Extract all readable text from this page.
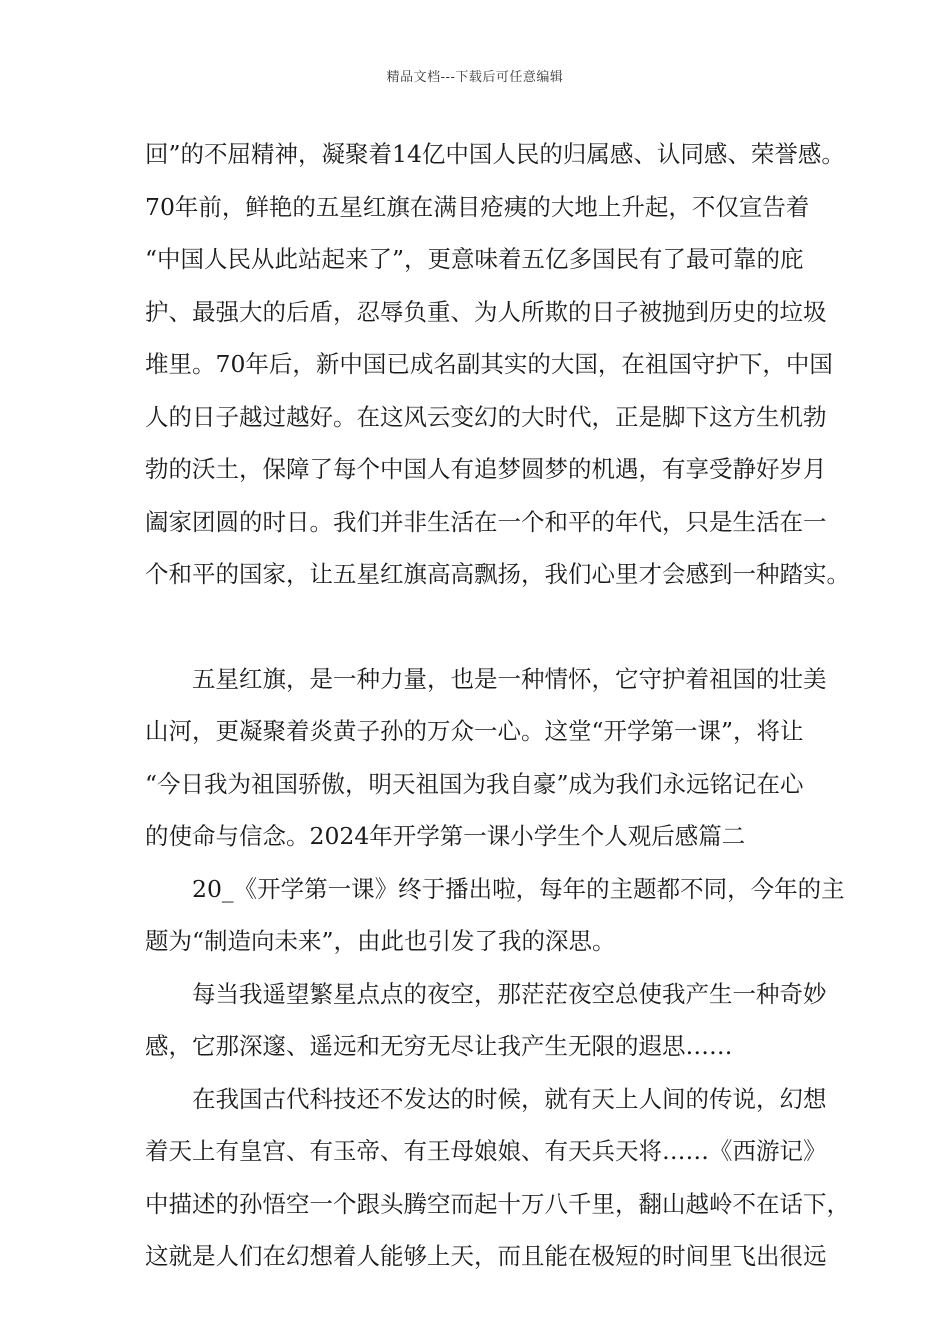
精品文档---下载后可任意编辑

回”的不屈精神，凝聚着14亿中国人民的归属感、认同感、荣誉感。
70年前，鲜艳的五星红旗在满目疮痍的大地上升起，不仅宣告着
“中国人民从此站起来了”，更意味着五亿多国民有了最可靠的庇
护、最强大的后盾，忍辱负重、为人所欺的日子被抛到历史的垃圾
堆里。70年后，新中国已成名副其实的大国，在祖国守护下，中国
人的日子越过越好。在这风云变幻的大时代，正是脚下这方生机勃
勃的沃土，保障了每个中国人有追梦圆梦的机遇，有享受静好岁月
阖家团圆的时日。我们并非生活在一个和平的年代，只是生活在一
个和平的国家，让五星红旗高高飘扬，我们心里才会感到一种踏实。

五星红旗，是一种力量，也是一种情怀，它守护着祖国的壮美
山河，更凝聚着炎黄子孙的万众一心。这堂“开学第一课”，将让
“今日我为祖国骄傲，明天祖国为我自豪”成为我们永远铭记在心
的使命与信念。2024年开学第一课小学生个人观后感篇二

20_《开学第一课》终于播出啦，每年的主题都不同，今年的主
题为“制造向未来”，由此也引发了我的深思。

每当我遥望繁星点点的夜空，那茫茫夜空总使我产生一种奇妙
感，它那深邃、遥远和无穷无尽让我产生无限的遐思……

在我国古代科技还不发达的时候，就有天上人间的传说，幻想
着天上有皇宫、有玉帝、有王母娘娘、有天兵天将……《西游记》
中描述的孙悟空一个跟头腾空而起十万八千里，翻山越岭不在话下，
这就是人们在幻想着人能够上天，而且能在极短的时间里飞出很远
